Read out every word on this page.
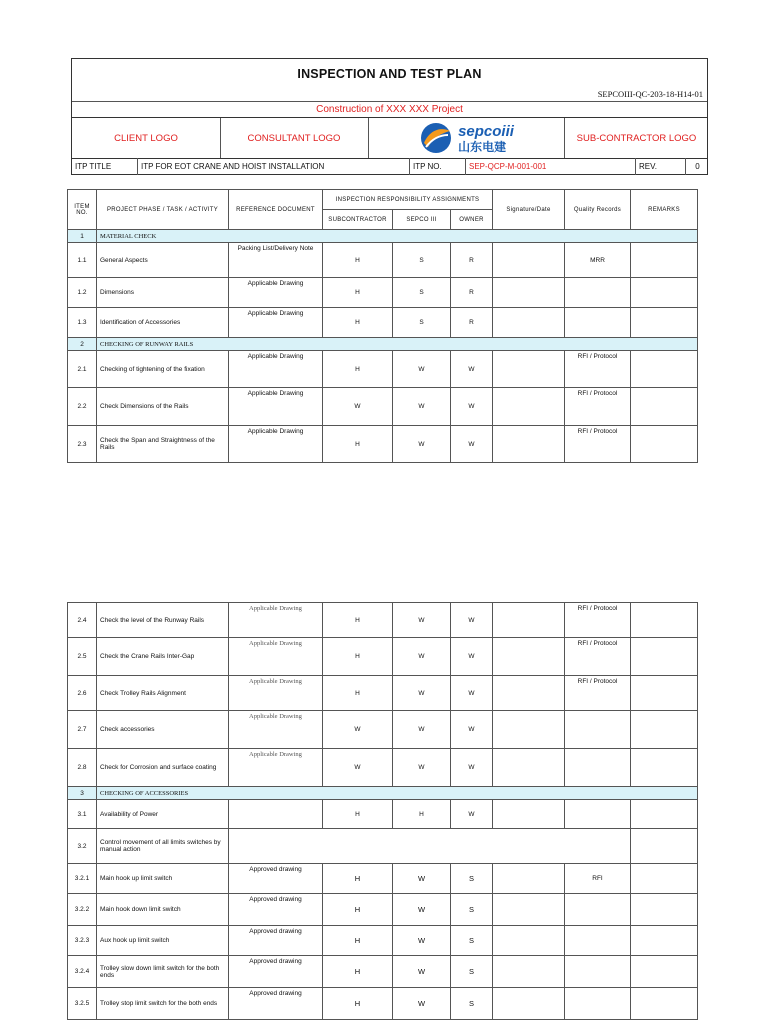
INSPECTION AND TEST PLAN
SEPCOIII-QC-203-18-H14-01
Construction of XXX XXX Project
CLIENT LOGO	CONSULTANT LOGO	sepcoiii
山东电建
SUB-CONTRACTOR LOGO
ITP TITLE	ITP FOR EOT CRANE AND HOIST INSTALLATION	ITP NO.	SEP-QCP-M-001-001	REV.	0
ITEM NO.	PROJECT PHASE / TASK / ACTIVITY	REFERENCE DOCUMENT	INSPECTION RESPONSIBILITY ASSIGNMENTS			Signature/Date	Quality Records	REMARKS
			SUBCONTRACTOR	SEPCO III	OWNER			
1	MATERIAL CHECK							
1.1	General Aspects	Packing List/Delivery Note	H	S	R		MRR	
1.2	Dimensions	Applicable Drawing	H	S	R			
1.3	Identification of Accessories	Applicable Drawing	H	S	R			
2	CHECKING OF RUNWAY RAILS							
2.1	Checking of tightening of the fixation	Applicable Drawing	H	W	W		RFI / Protocol	
2.2	Check Dimensions of the Rails	Applicable Drawing	W	W	W		RFI / Protocol	
2.3	Check the Span and Straightness of the Rails	Applicable Drawing	H	W	W		RFI / Protocol	
2.4	Check the level of the Runway Rails	Applicable Drawing	H	W	W		RFI / Protocol	
2.5	Check the Crane Rails Inter-Gap	Applicable Drawing	H	W	W		RFI / Protocol	
2.6	Check Trolley Rails Alignment	Applicable Drawing	H	W	W		RFI / Protocol	
2.7	Check accessories	Applicable Drawing	W	W	W			
2.8	Check for Corrosion and surface coating	Applicable Drawing	W	W	W			
3	CHECKING OF ACCESSORIES							
3.1	Availability of Power		H	H	W			
3.2	Control movement of all limits switches by manual action							
3.2.1	Main hook up limit switch	Approved drawing	H	W	S		RFI	
3.2.2	Main hook down limit switch	Approved drawing	H	W	S			
3.2.3	Aux hook up limit switch	Approved drawing	H	W	S			
3.2.4	Trolley slow down limit switch for the both ends	Approved drawing	H	W	S			
3.2.5	Trolley stop limit switch for the both ends	Approved drawing	H	W	S			
